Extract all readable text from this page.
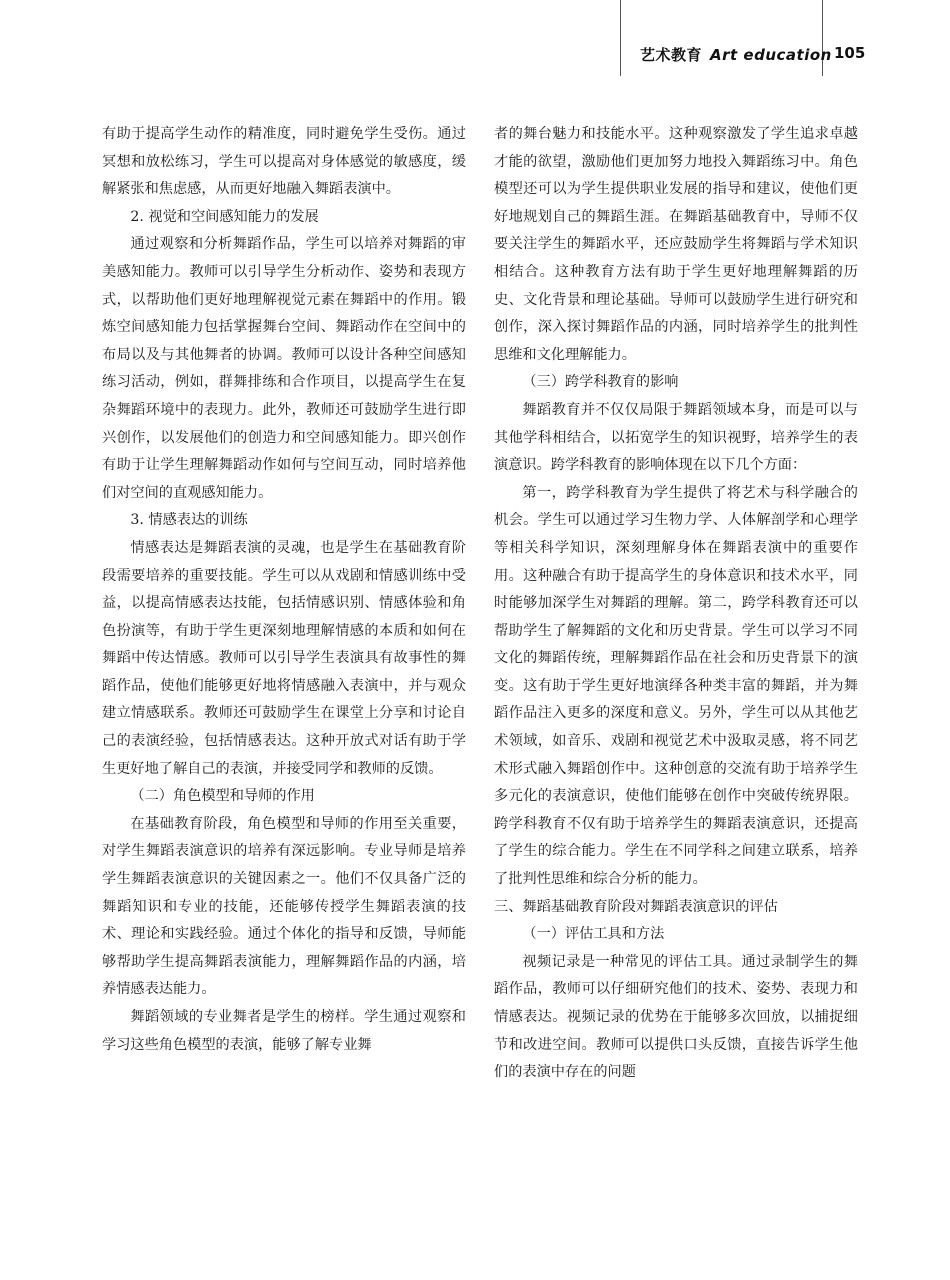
艺术教育 Art education 105

有助于提高学生动作的精准度，同时避免学生受伤。通过冥想和放松练习，学生可以提高对身体感觉的敏感度，缓解紧张和焦虑感，从而更好地融入舞蹈表演中。

2. 视觉和空间感知能力的发展

通过观察和分析舞蹈作品，学生可以培养对舞蹈的审美感知能力。教师可以引导学生分析动作、姿势和表现方式，以帮助他们更好地理解视觉元素在舞蹈中的作用。锻炼空间感知能力包括掌握舞台空间、舞蹈动作在空间中的布局以及与其他舞者的协调。教师可以设计各种空间感知练习活动，例如，群舞排练和合作项目，以提高学生在复杂舞蹈环境中的表现力。此外，教师还可鼓励学生进行即兴创作，以发展他们的创造力和空间感知能力。即兴创作有助于让学生理解舞蹈动作如何与空间互动，同时培养他们对空间的直观感知能力。

3. 情感表达的训练

情感表达是舞蹈表演的灵魂，也是学生在基础教育阶段需要培养的重要技能。学生可以从戏剧和情感训练中受益，以提高情感表达技能，包括情感识别、情感体验和角色扮演等，有助于学生更深刻地理解情感的本质和如何在舞蹈中传达情感。教师可以引导学生表演具有故事性的舞蹈作品，使他们能够更好地将情感融入表演中，并与观众建立情感联系。教师还可鼓励学生在课堂上分享和讨论自己的表演经验，包括情感表达。这种开放式对话有助于学生更好地了解自己的表演，并接受同学和教师的反馈。

（二）角色模型和导师的作用

在基础教育阶段，角色模型和导师的作用至关重要，对学生舞蹈表演意识的培养有深远影响。专业导师是培养学生舞蹈表演意识的关键因素之一。他们不仅具备广泛的舞蹈知识和专业的技能，还能够传授学生舞蹈表演的技术、理论和实践经验。通过个体化的指导和反馈，导师能够帮助学生提高舞蹈表演能力，理解舞蹈作品的内涵，培养情感表达能力。

舞蹈领域的专业舞者是学生的榜样。学生通过观察和学习这些角色模型的表演，能够了解专业舞

者的舞台魅力和技能水平。这种观察激发了学生追求卓越才能的欲望，激励他们更加努力地投入舞蹈练习中。角色模型还可以为学生提供职业发展的指导和建议，使他们更好地规划自己的舞蹈生涯。在舞蹈基础教育中，导师不仅要关注学生的舞蹈水平，还应鼓励学生将舞蹈与学术知识相结合。这种教育方法有助于学生更好地理解舞蹈的历史、文化背景和理论基础。导师可以鼓励学生进行研究和创作，深入探讨舞蹈作品的内涵，同时培养学生的批判性思维和文化理解能力。

（三）跨学科教育的影响

舞蹈教育并不仅仅局限于舞蹈领域本身，而是可以与其他学科相结合，以拓宽学生的知识视野，培养学生的表演意识。跨学科教育的影响体现在以下几个方面：

第一，跨学科教育为学生提供了将艺术与科学融合的机会。学生可以通过学习生物力学、人体解剖学和心理学等相关科学知识，深刻理解身体在舞蹈表演中的重要作用。这种融合有助于提高学生的身体意识和技术水平，同时能够加深学生对舞蹈的理解。第二，跨学科教育还可以帮助学生了解舞蹈的文化和历史背景。学生可以学习不同文化的舞蹈传统，理解舞蹈作品在社会和历史背景下的演变。这有助于学生更好地演绎各种类丰富的舞蹈，并为舞蹈作品注入更多的深度和意义。另外，学生可以从其他艺术领域，如音乐、戏剧和视觉艺术中汲取灵感，将不同艺术形式融入舞蹈创作中。这种创意的交流有助于培养学生多元化的表演意识，使他们能够在创作中突破传统界限。跨学科教育不仅有助于培养学生的舞蹈表演意识，还提高了学生的综合能力。学生在不同学科之间建立联系，培养了批判性思维和综合分析的能力。

三、舞蹈基础教育阶段对舞蹈表演意识的评估

（一）评估工具和方法

视频记录是一种常见的评估工具。通过录制学生的舞蹈作品，教师可以仔细研究他们的技术、姿势、表现力和情感表达。视频记录的优势在于能够多次回放，以捕捉细节和改进空间。教师可以提供口头反馈，直接告诉学生他们的表演中存在的问题
